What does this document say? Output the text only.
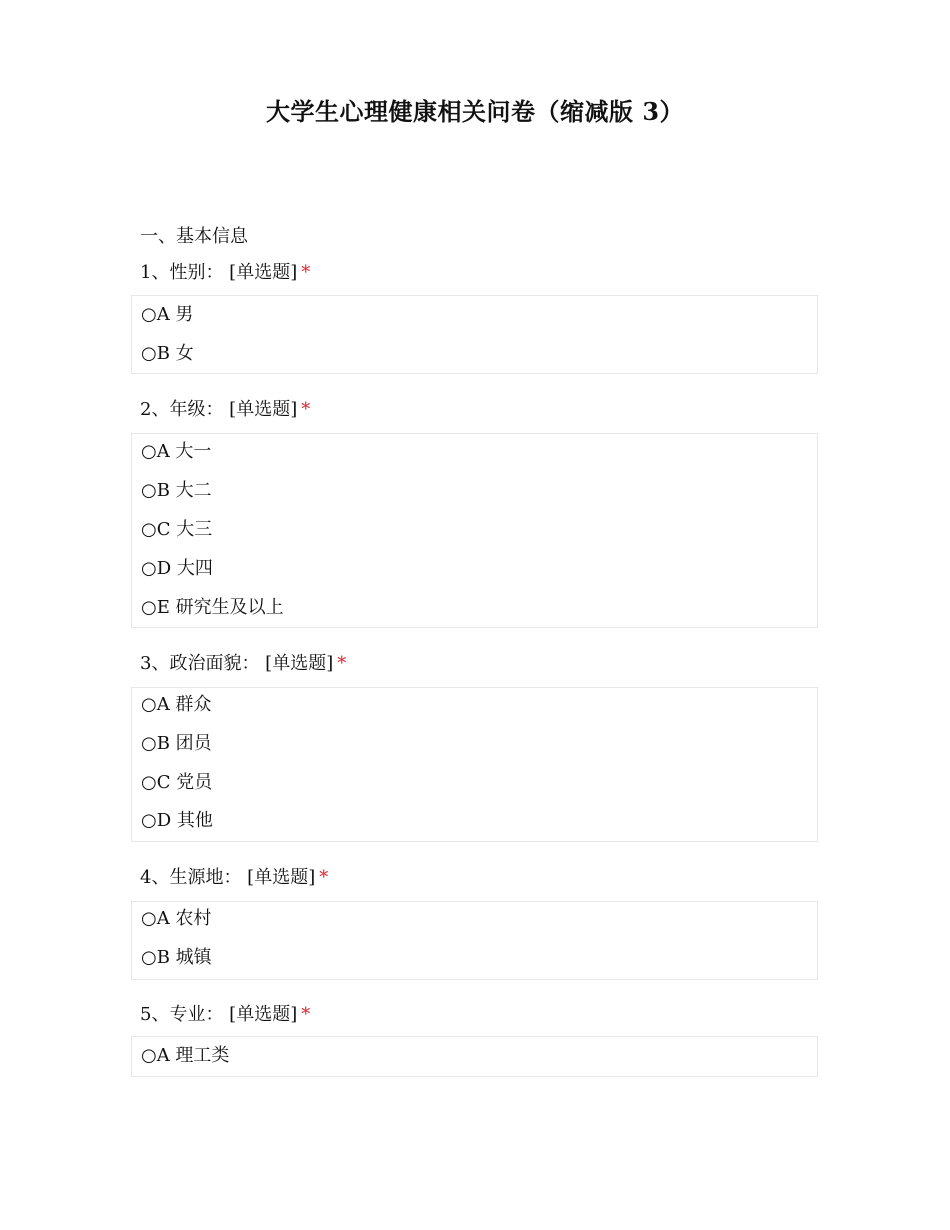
大学生心理健康相关问卷（缩减版 3）
一、基本信息
1、性别： [单选题] *
○A 男
○B 女
2、年级： [单选题] *
○A 大一
○B 大二
○C 大三
○D 大四
○E 研究生及以上
3、政治面貌： [单选题] *
○A 群众
○B 团员
○C 党员
○D 其他
4、生源地： [单选题] *
○A 农村
○B 城镇
5、专业： [单选题] *
○A 理工类
